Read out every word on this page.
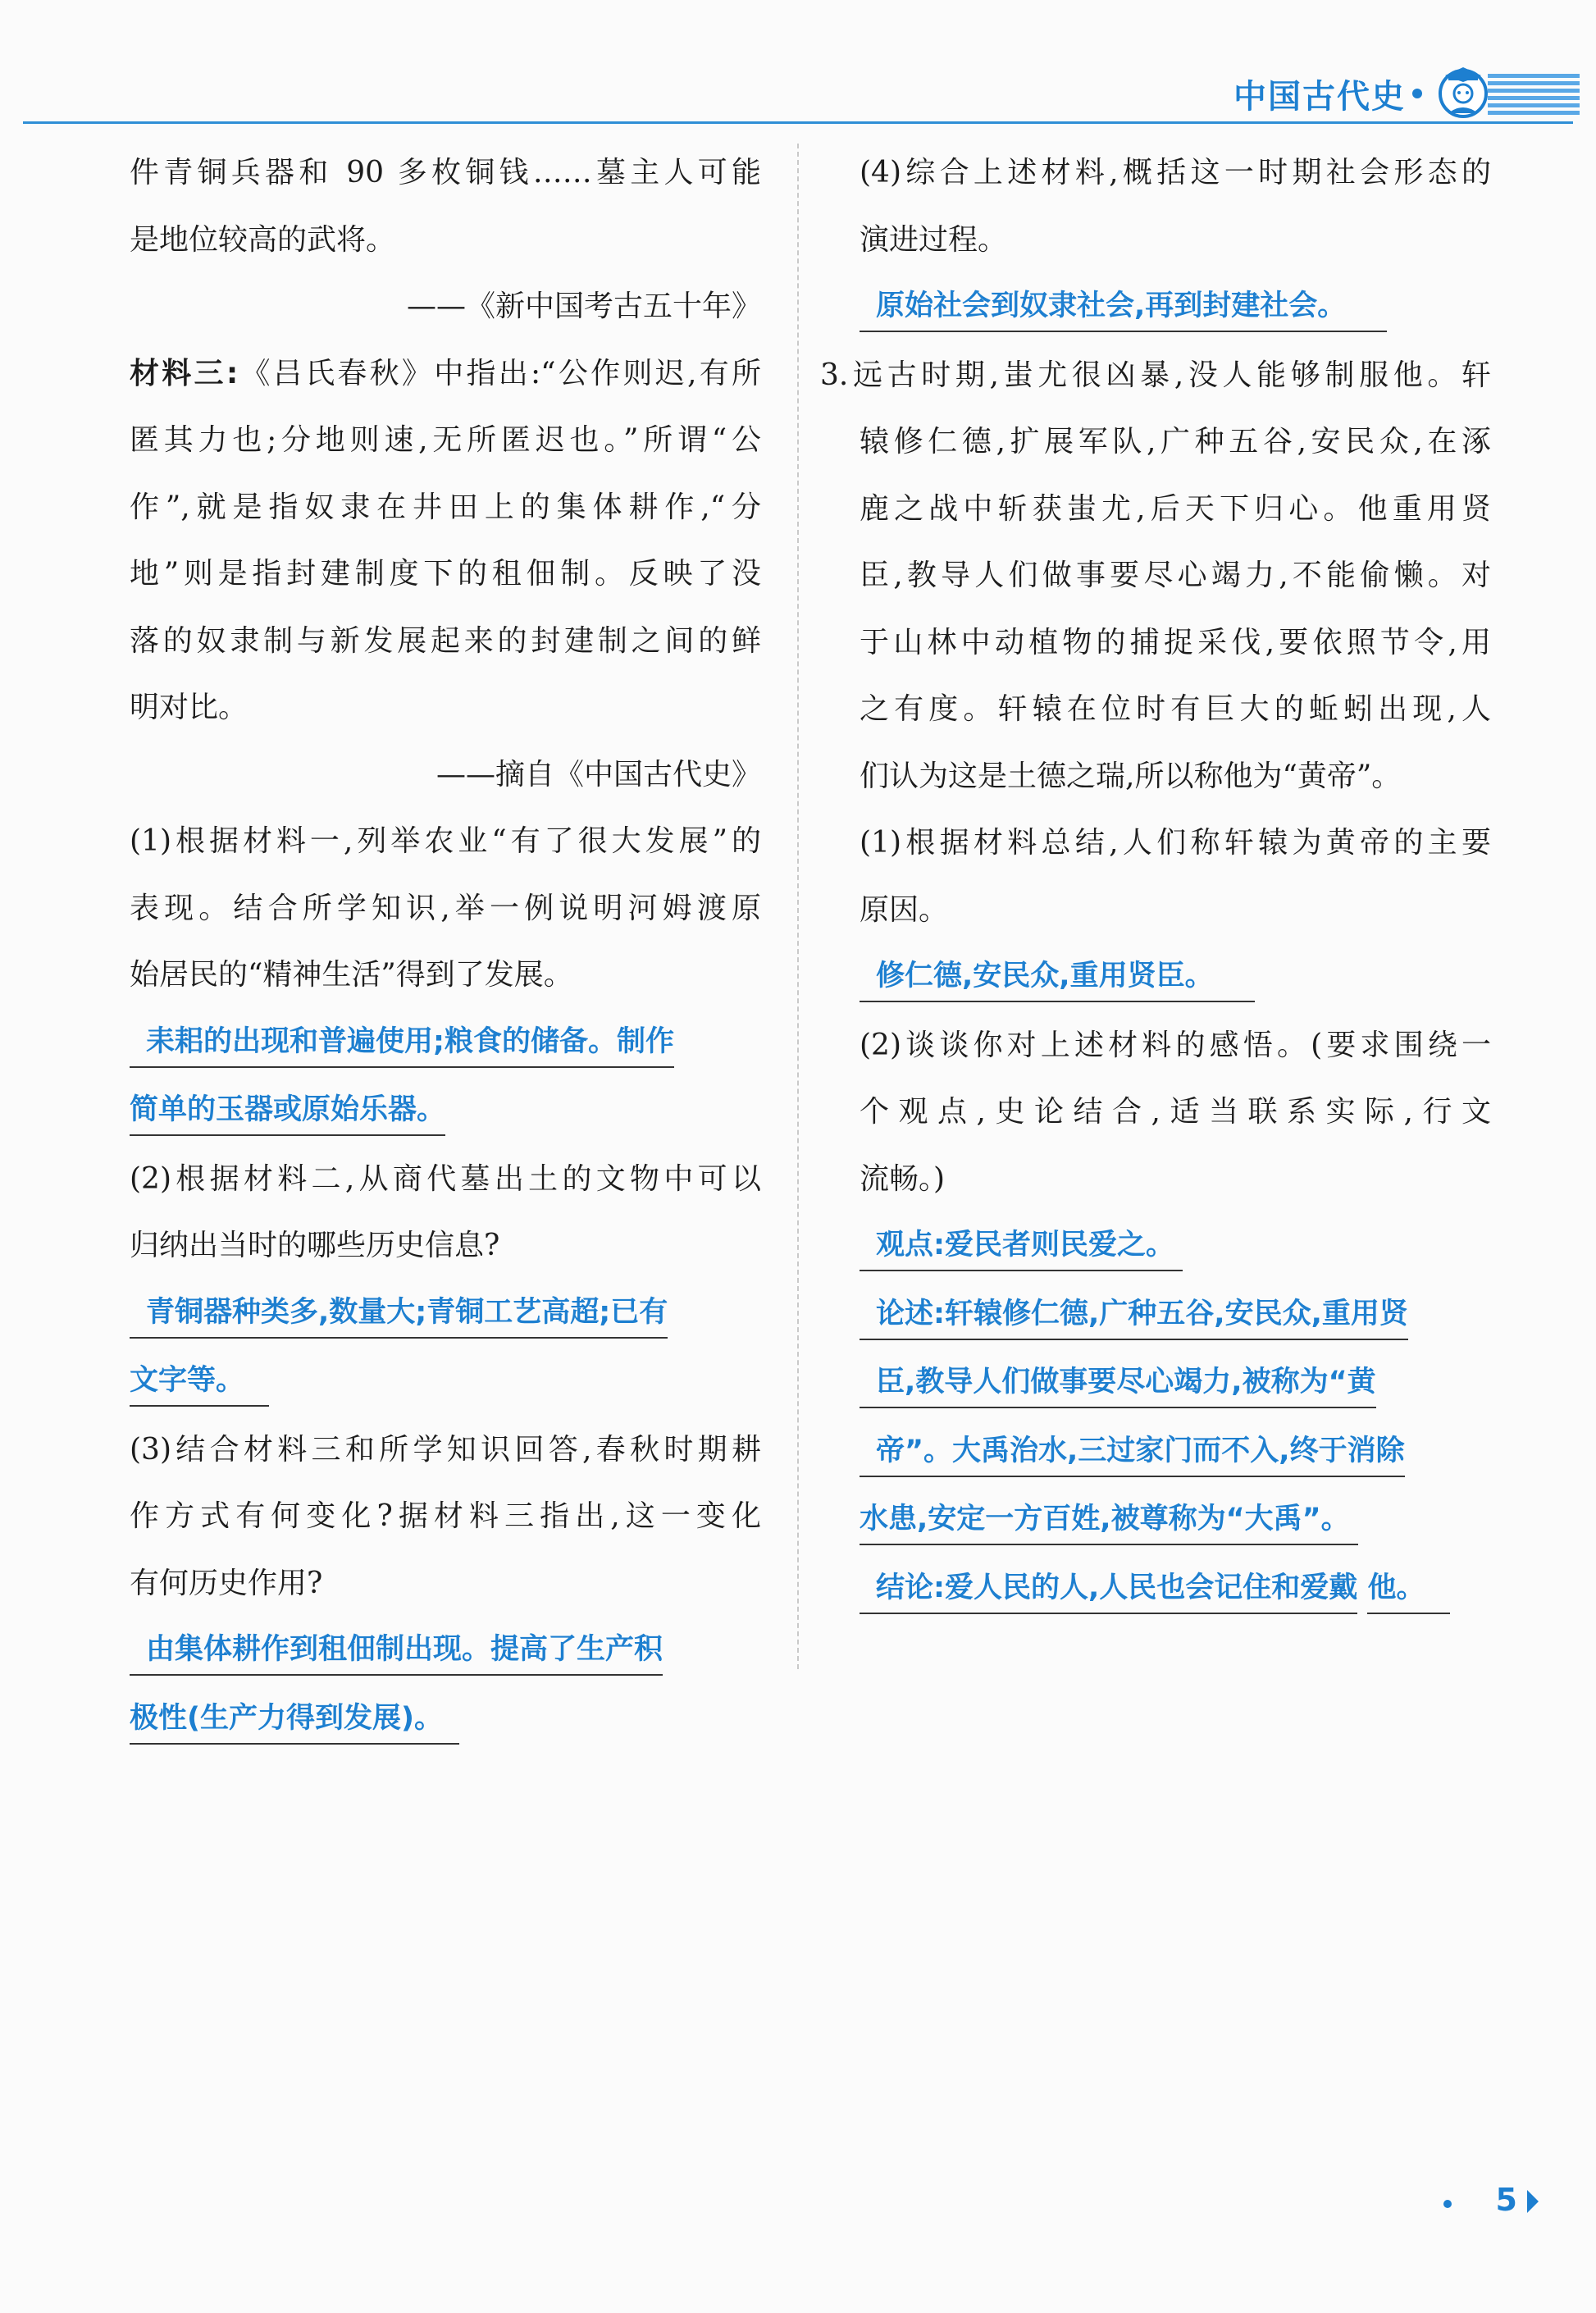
中国古代史

件青铜兵器和 90 多枚铜钱……墓主人可能

是地位较高的武将。

——《新中国考古五十年》

材料三:《吕氏春秋》中指出:“公作则迟,有所

匿其力也;分地则速,无所匿迟也。”所谓“公

作”,就是指奴隶在井田上的集体耕作,“分

地”则是指封建制度下的租佃制。反映了没

落的奴隶制与新发展起来的封建制之间的鲜

明对比。

——摘自《中国古代史》

(1)根据材料一,列举农业“有了很大发展”的

表现。结合所学知识,举一例说明河姆渡原

始居民的“精神生活”得到了发展。

耒耜的出现和普遍使用;粮食的储备。制作 简单的玉器或原始乐器。

(2)根据材料二,从商代墓出土的文物中可以

归纳出当时的哪些历史信息?

青铜器种类多,数量大;青铜工艺高超;已有 文字等。

(3)结合材料三和所学知识回答,春秋时期耕

作方式有何变化?据材料三指出,这一变化

有何历史作用?

由集体耕作到租佃制出现。提高了生产积 极性(生产力得到发展)。

(4)综合上述材料,概括这一时期社会形态的

演进过程。

原始社会到奴隶社会,再到封建社会。

3.远古时期,蚩尤很凶暴,没人能够制服他。轩

辕修仁德,扩展军队,广种五谷,安民众,在涿

鹿之战中斩获蚩尤,后天下归心。他重用贤

臣,教导人们做事要尽心竭力,不能偷懒。对

于山林中动植物的捕捉采伐,要依照节令,用

之有度。轩辕在位时有巨大的蚯蚓出现,人

们认为这是土德之瑞,所以称他为“黄帝”。

(1)根据材料总结,人们称轩辕为黄帝的主要

原因。

修仁德,安民众,重用贤臣。

(2)谈谈你对上述材料的感悟。(要求围绕一

个观点,史论结合,适当联系实际,行文

流畅。)

观点:爱民者则民爱之。 论述:轩辕修仁德,广种五谷,安民众,重用贤 臣,教导人们做事要尽心竭力,被称为“黄 帝”。大禹治水,三过家门而不入,终于消除 水患,安定一方百姓,被尊称为“大禹”。 结论:爱人民的人,人民也会记住和爱戴 他。
5
